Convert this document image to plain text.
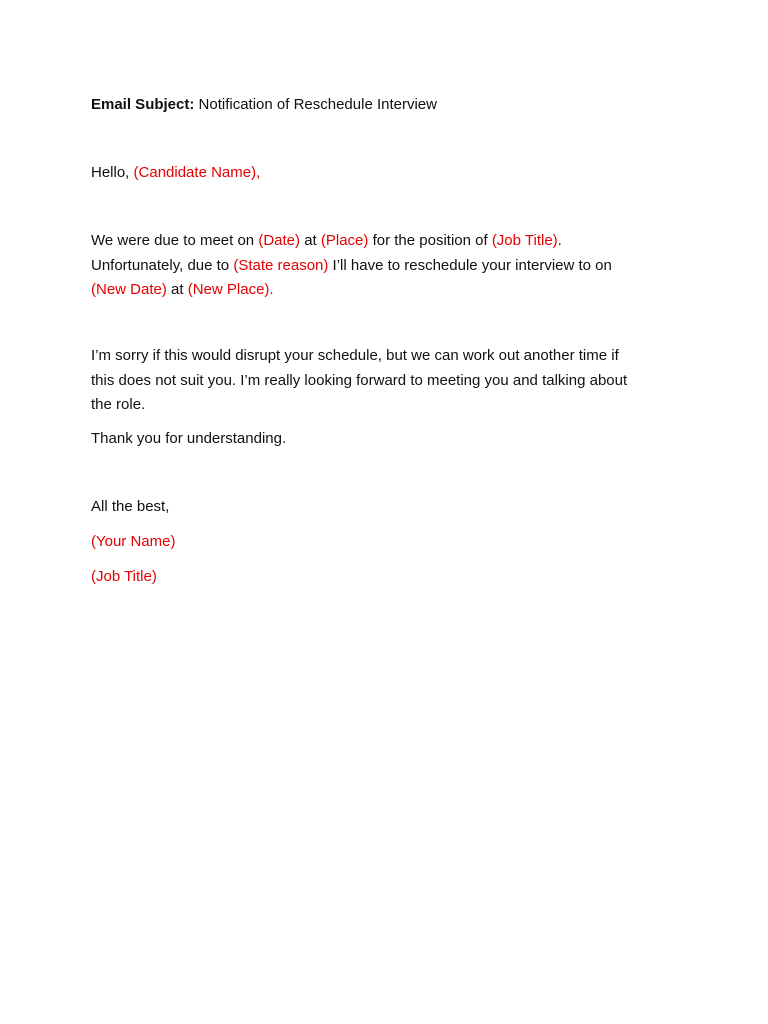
Email Subject: Notification of Reschedule Interview
Hello, (Candidate Name),
We were due to meet on (Date) at (Place) for the position of (Job Title).
Unfortunately, due to (State reason) I’ll have to reschedule your interview to on
(New Date) at (New Place).
I’m sorry if this would disrupt your schedule, but we can work out another time if
this does not suit you. I’m really looking forward to meeting you and talking about
the role.
Thank you for understanding.
All the best,
(Your Name)
(Job Title)
